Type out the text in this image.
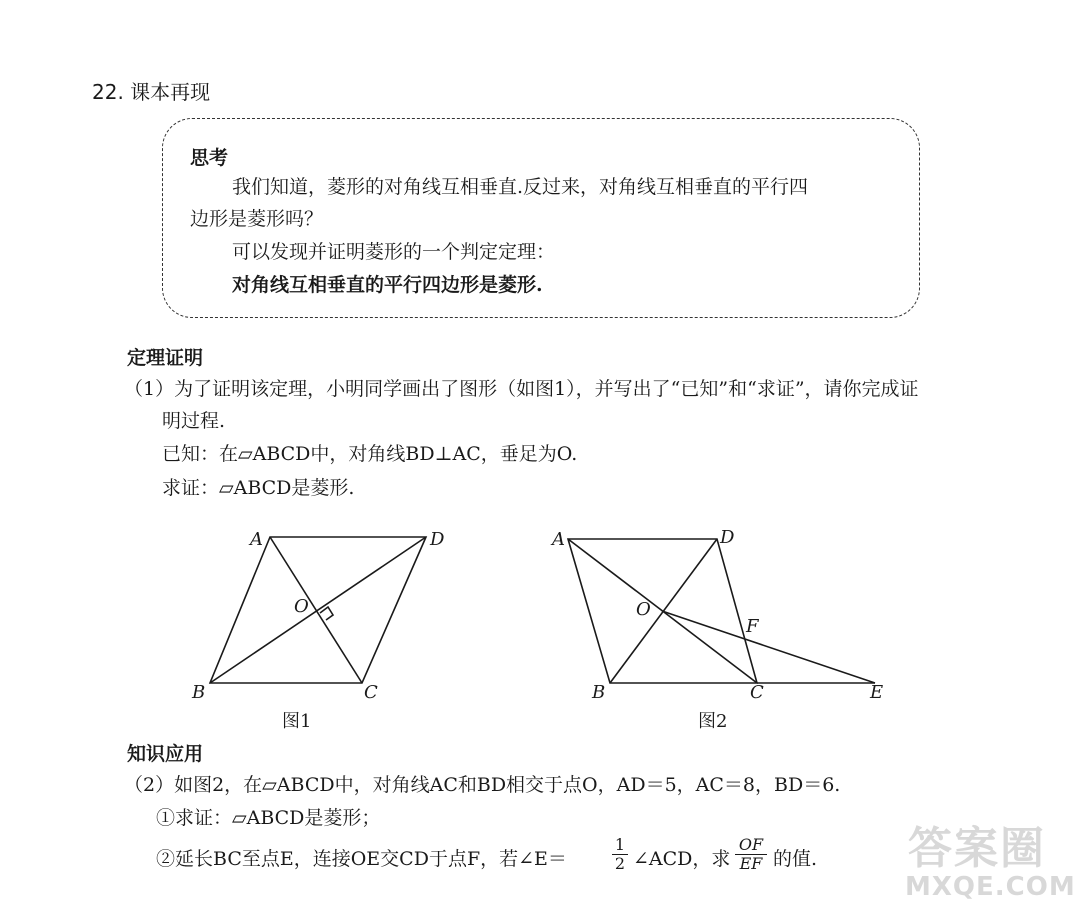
22. 课本再现
思考
我们知道，菱形的对角线互相垂直.反过来，对角线互相垂直的平行四
边形是菱形吗？
可以发现并证明菱形的一个判定定理：
对角线互相垂直的平行四边形是菱形.
定理证明
（1）为了证明该定理，小明同学画出了图形（如图1），并写出了“已知”和“求证”，请你完成证
明过程.
已知：在▱ABCD中，对角线BD⊥AC，垂足为O.
求证：▱ABCD是菱形.
A	D
O
B	C
图1
A	D
O
F
B	C	E
图2
知识应用
（2）如图2，在▱ABCD中，对角线AC和BD相交于点O，AD＝5，AC＝8，BD＝6.
①求证：▱ABCD是菱形；
②延长BC至点E，连接OE交CD于点F，若∠E＝	$\frac{1}{2}$ ∠ACD，求 $\frac{OF}{EF}$ 的值. 答案圈
MXQE.COM
